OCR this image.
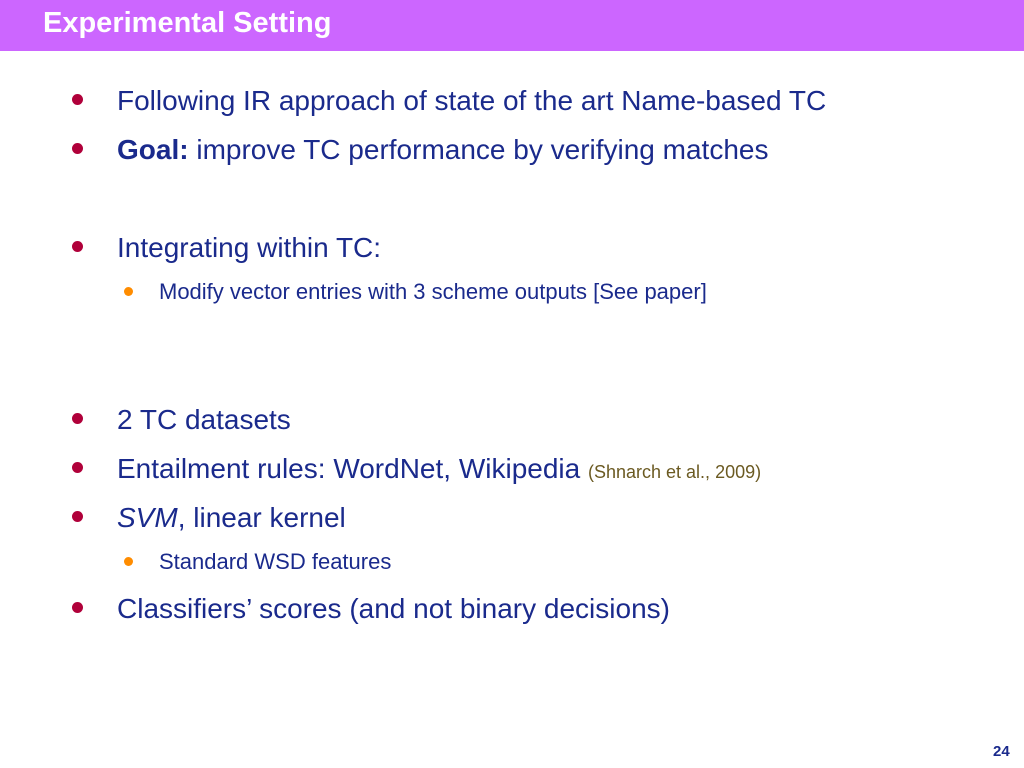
Experimental Setting
Following IR approach of state of the art Name-based TC
Goal: improve TC performance by verifying matches
Integrating within TC:
Modify vector entries with 3 scheme outputs [See paper]
2 TC datasets
Entailment rules: WordNet, Wikipedia (Shnarch et al., 2009)
SVM, linear kernel
Standard WSD features
Classifiers’ scores (and not binary decisions)
24
